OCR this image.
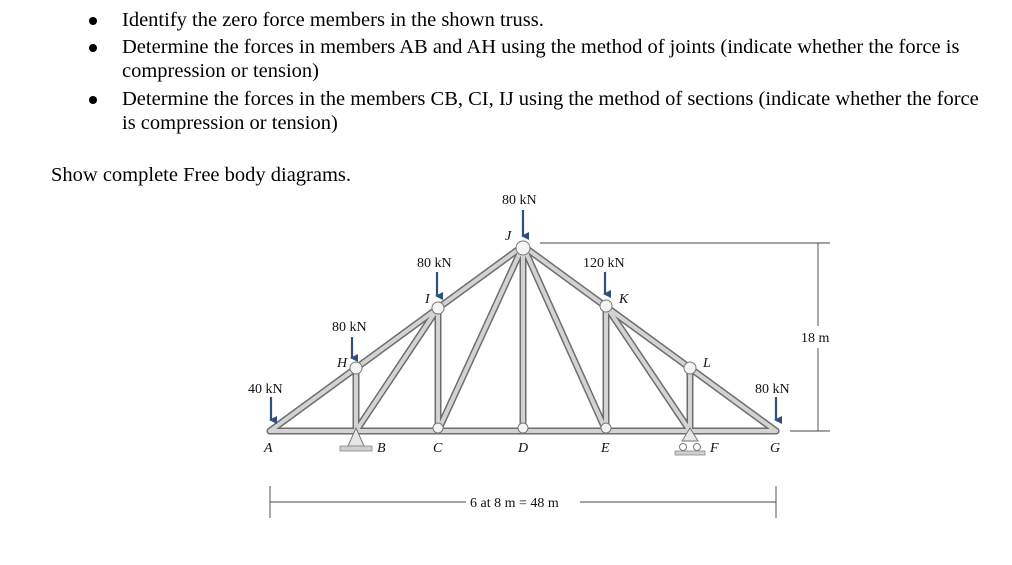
Identify the zero force members in the shown truss.
Determine the forces in members AB and AH using the method of joints (indicate whether the force is compression or tension)
Determine the forces in the members CB, CI, IJ using the method of sections (indicate whether the force is compression or tension)
Show complete Free body diagrams.
40 kN
80 kN
80 kN
80 kN
120 kN
80 kN
A	B	C	D	E	F	G
H
I
J
K
L
6 at 8 m = 48 m
18 m
